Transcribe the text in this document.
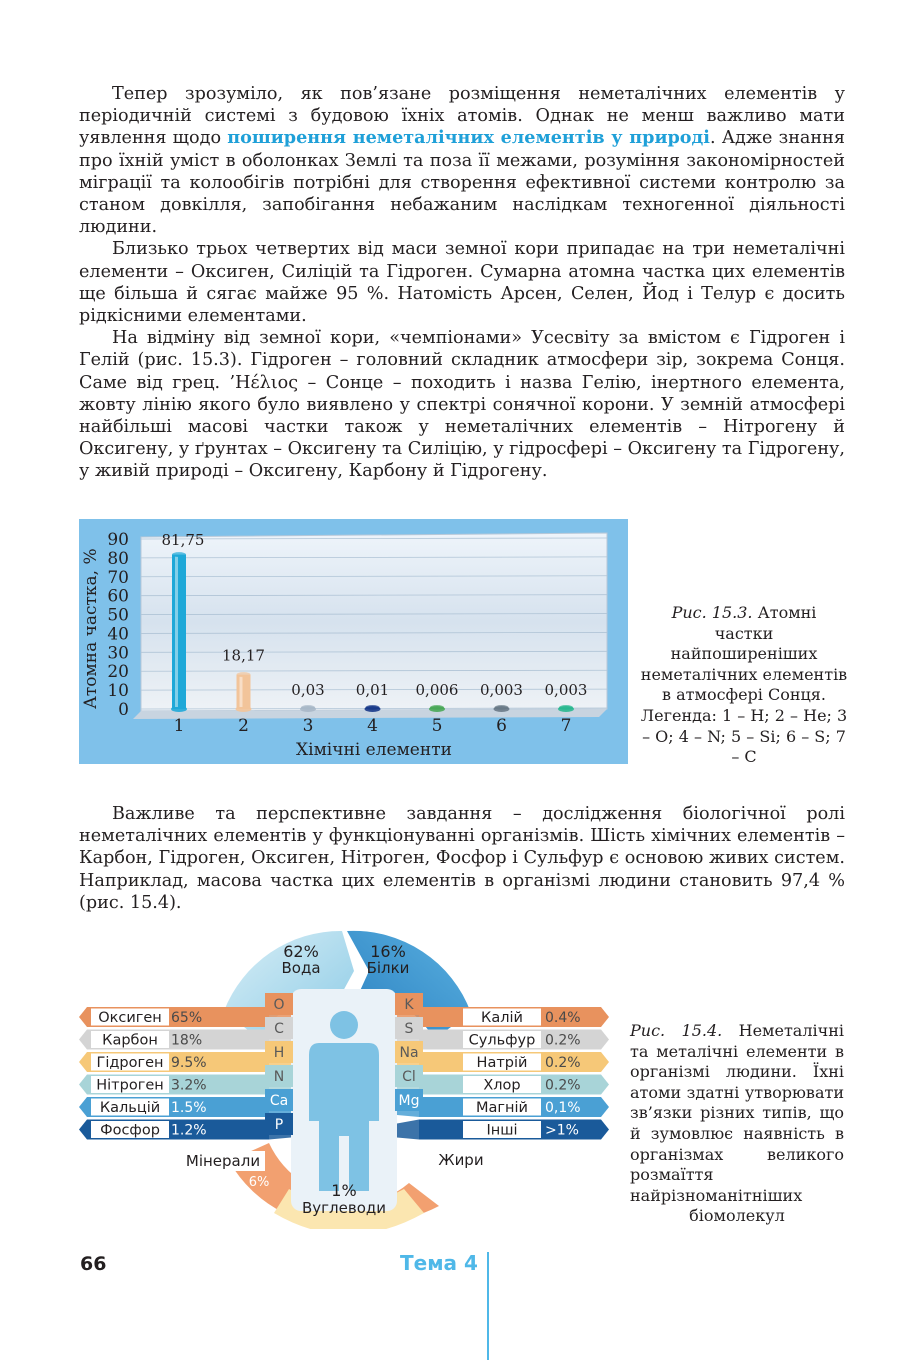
Тепер зрозуміло, як пов’язане розміщення неметалічних елементів у періодичній системі з будовою їхніх атомів. Однак не менш важливо мати уявлення щодо поширення неметалічних елементів у природі. Адже знання про їхній уміст в оболонках Землі та поза її межами, розуміння закономірностей міграції та колообігів потрібні для створення ефективної системи контролю за станом довкілля, запобігання небажаним наслідкам техногенної діяльності людини.

Близько трьох четвертих від маси земної кори припадає на три неметалічні елементи – Оксиген, Силіцій та Гідроген. Сумарна атомна частка цих елементів ще більша й сягає майже 95 %. Натомість Арсен, Селен, Йод і Телур є досить рідкісними елементами.

На відміну від земної кори, «чемпіонами» Усесвіту за вмістом є Гідроген і Гелій (рис. 15.3). Гідроген – головний складник атмосфери зір, зокрема Сонця. Саме від грец. ’Ηέλιος – Сонце – походить і назва Гелію, інертного елемента, жовту лінію якого було виявлено у спектрі сонячної корони. У земній атмосфері найбільші масові частки також у неметалічних елементів – Нітрогену й Оксигену, у ґрунтах – Оксигену та Силіцію, у гідросфері – Оксигену та Гідрогену, у живій природі – Оксигену, Карбону й Гідрогену.

0
10
20
30
40
50
60
70
80
90
1	2	3	4	5	6	7
81,75
18,17
0,03 0,01 0,006 0,003 0,003
Атомна частка, %
Хімічні елементи
Рис. 15.3. Атомні частки найпоширеніших неметалічних елементів в атмосфері Сонця. Легенда: 1 – H; 2 – He; 3 – O; 4 – N; 5 – Si; 6 – S; 7 – C

Важливе та перспективне завдання – дослідження біологічної ролі неметалічних елементів у функціонуванні організмів. Шість хімічних елементів – Карбон, Гідроген, Оксиген, Нітроген, Фосфор і Сульфур є основою живих систем. Наприклад, масова частка цих елементів в організмі людини становить 97,4 % (рис. 15.4).

62%
Вода
16%
Білки
1%
Вуглеводи
Мінерали
6%
Жири
16%
Оксиген 65%
Карбон 18%
Гідроген 9.5%
Нітроген 3.2%
Кальцій 1.5%
Фосфор 1.2%
O
C
H
N
Ca
P
Калій 0.4%
Сульфур 0.2%
Натрій 0.2%
Хлор 0.2%
Магній 0,1%
Інші >1%
K
S
Na
Cl
Mg
Рис. 15.4. Неметалічні та металічні елементи в організмі людини. Їхні атоми здатні утворювати зв’язки різних типів, що й зумовлює наявність в організмах великого розмаїття найрізноманітніших біомолекул
66	Тема 4
